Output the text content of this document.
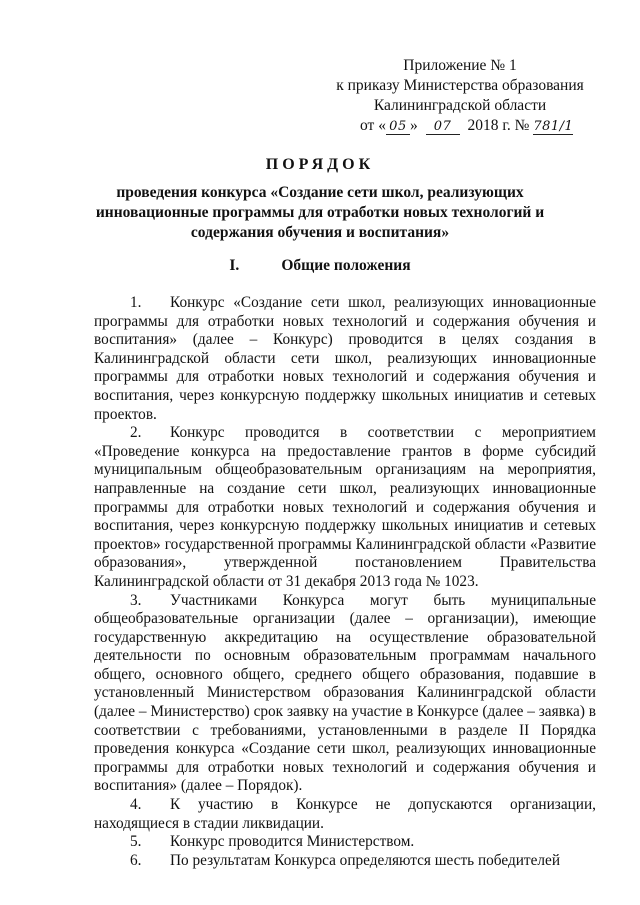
Приложение № 1
к приказу Министерства образования
Калининградской области
от « 05 » 07 2018 г. № 781/1
ПОРЯДОК
проведения конкурса «Создание сети школ, реализующих инновационные программы для отработки новых технологий и содержания обучения и воспитания»
I.	Общие положения

1. Конкурс «Создание сети школ, реализующих инновационные программы для отработки новых технологий и содержания обучения и воспитания» (далее – Конкурс) проводится в целях создания в Калининградской области сети школ, реализующих инновационные программы для отработки новых технологий и содержания обучения и воспитания, через конкурсную поддержку школьных инициатив и сетевых проектов.

2. Конкурс проводится в соответствии с мероприятием «Проведение конкурса на предоставление грантов в форме субсидий муниципальным общеобразовательным организациям на мероприятия, направленные на создание сети школ, реализующих инновационные программы для отработки новых технологий и содержания обучения и воспитания, через конкурсную поддержку школьных инициатив и сетевых проектов» государственной программы Калининградской области «Развитие образования», утвержденной постановлением Правительства Калининградской области от 31 декабря 2013 года № 1023.

3. Участниками Конкурса могут быть муниципальные общеобразовательные организации (далее – организации), имеющие государственную аккредитацию на осуществление образовательной деятельности по основным образовательным программам начального общего, основного общего, среднего общего образования, подавшие в установленный Министерством образования Калининградской области (далее – Министерство) срок заявку на участие в Конкурсе (далее – заявка) в соответствии с требованиями, установленными в разделе II Порядка проведения конкурса «Создание сети школ, реализующих инновационные программы для отработки новых технологий и содержания обучения и воспитания» (далее – Порядок).

4. К участию в Конкурсе не допускаются организации, находящиеся в стадии ликвидации.

5. Конкурс проводится Министерством.

6. По результатам Конкурса определяются шесть победителей
